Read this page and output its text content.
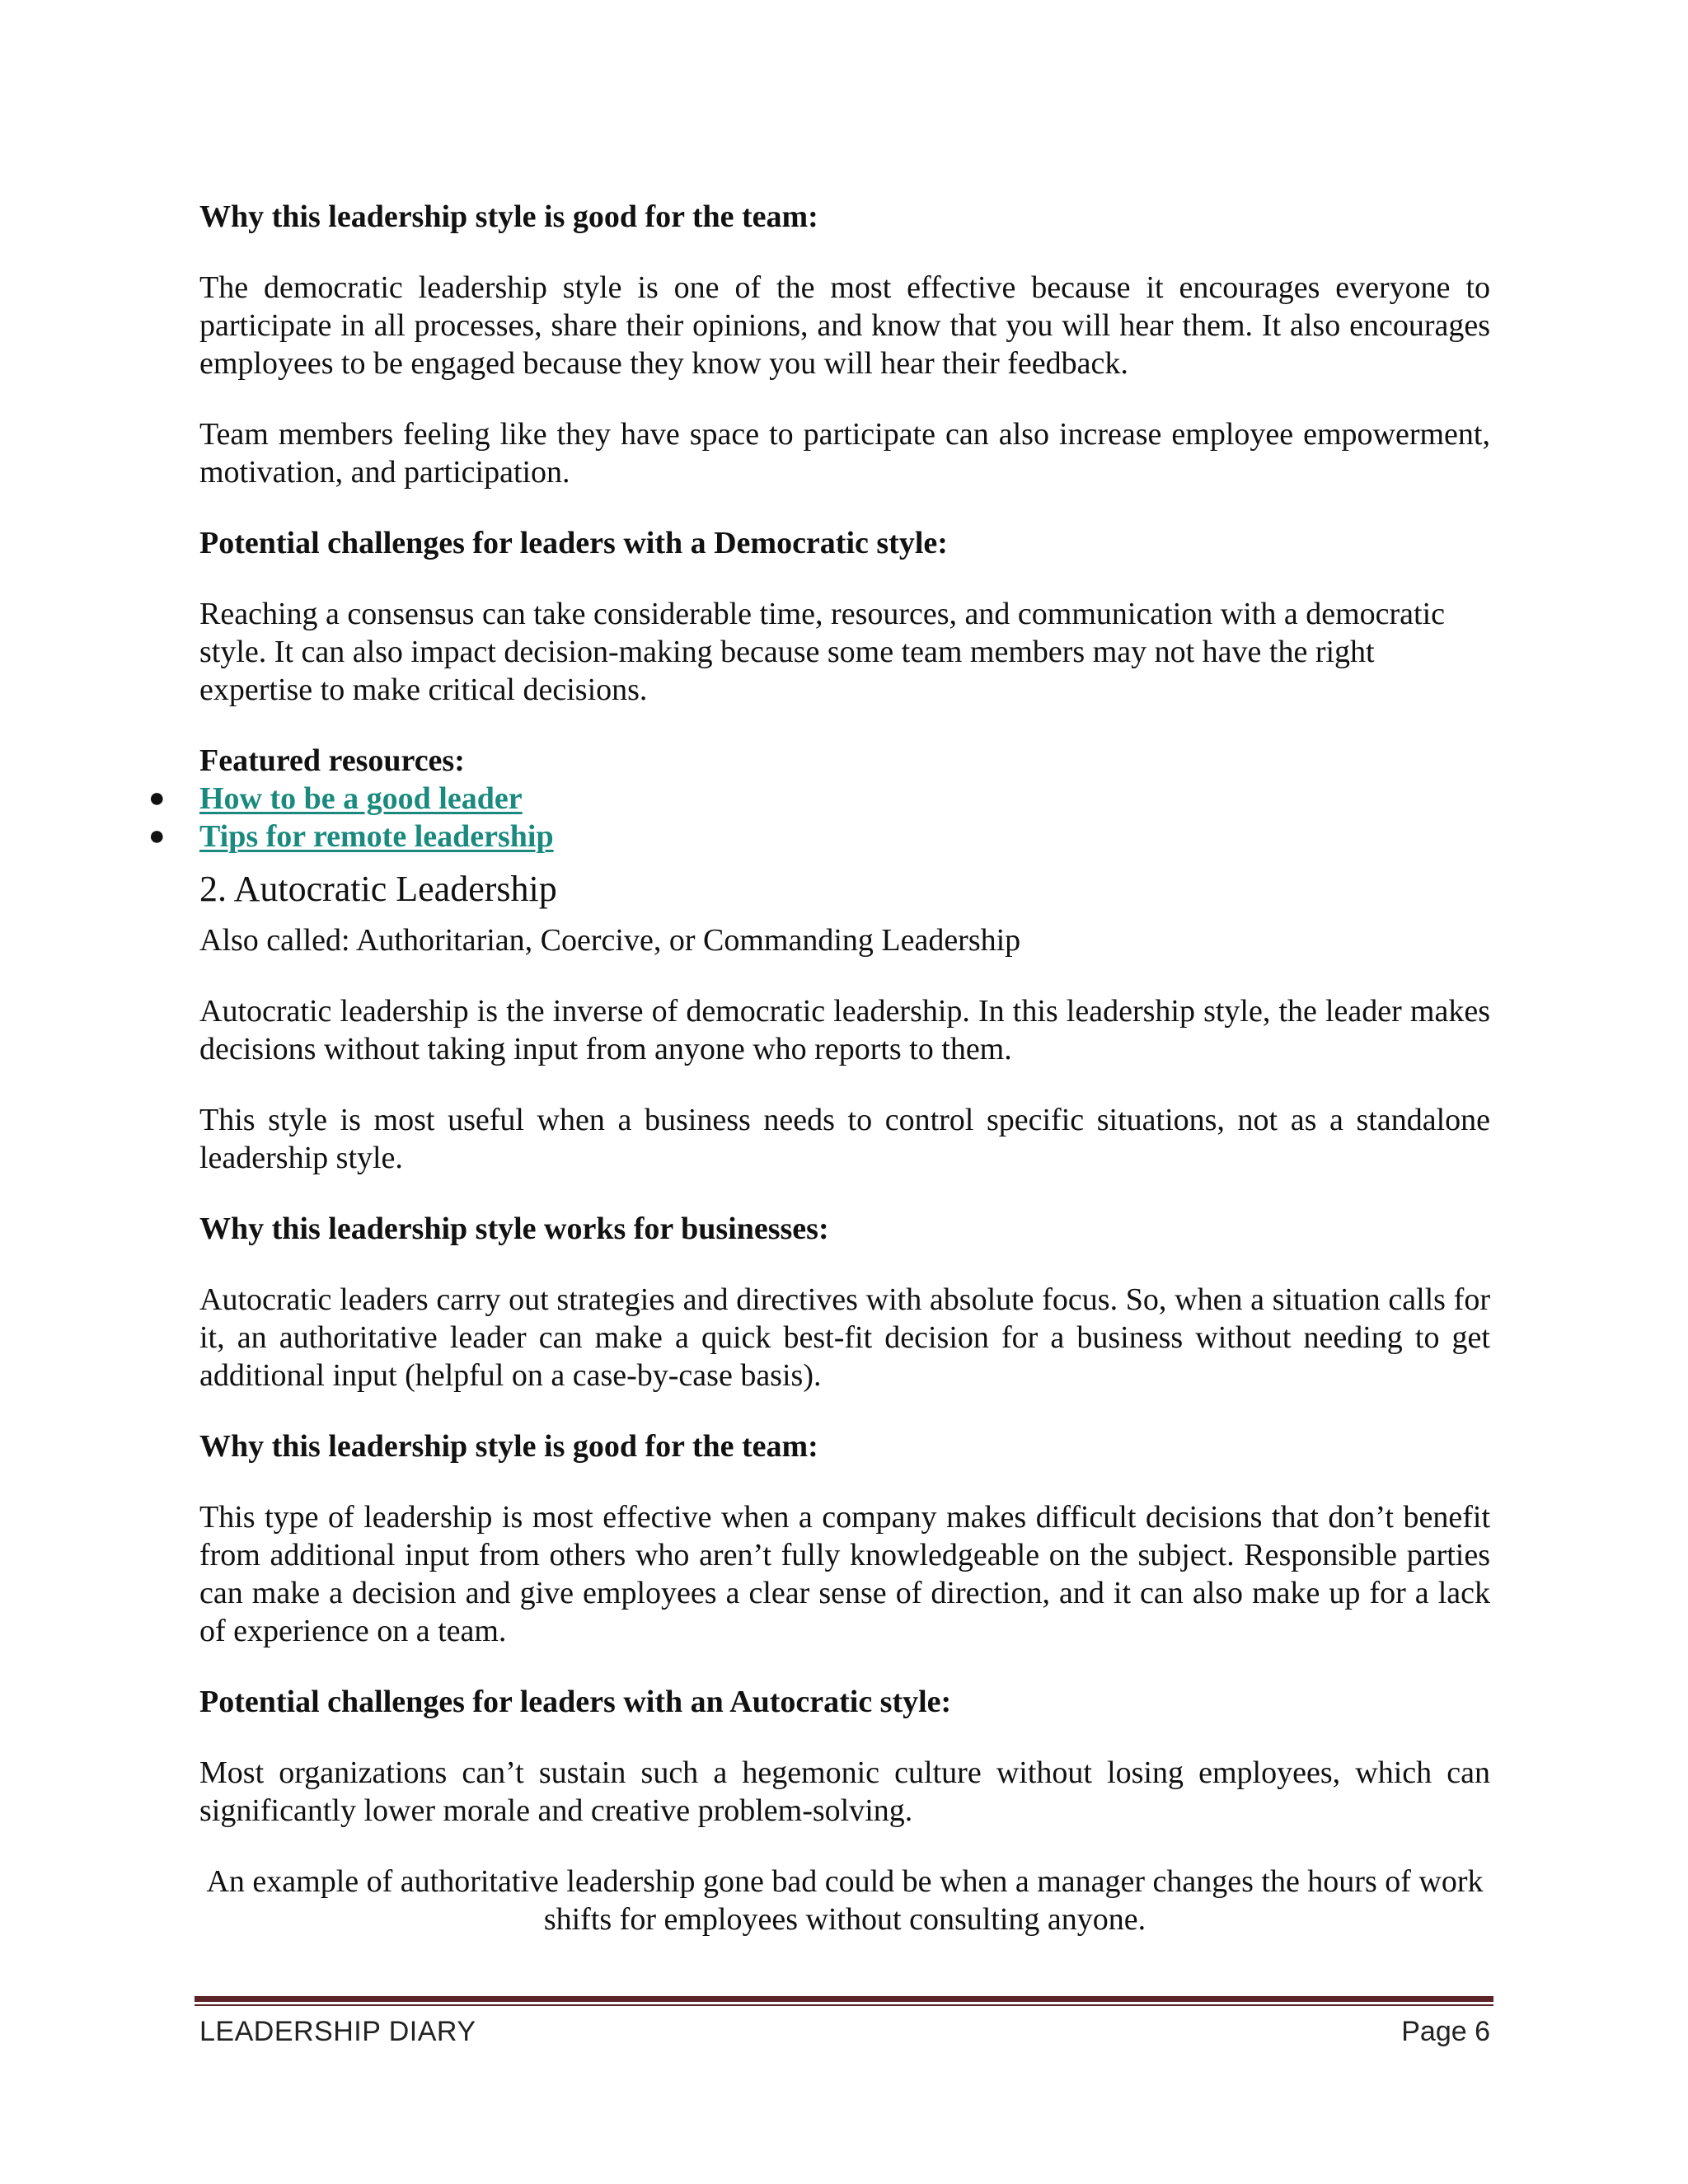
Why this leadership style is good for the team:

The democratic leadership style is one of the most effective because it encourages everyone to participate in all processes, share their opinions, and know that you will hear them. It also encourages employees to be engaged because they know you will hear their feedback.

Team members feeling like they have space to participate can also increase employee empowerment, motivation, and participation.

Potential challenges for leaders with a Democratic style:

Reaching a consensus can take considerable time, resources, and communication with a democratic style. It can also impact decision-making because some team members may not have the right expertise to make critical decisions.

Featured resources:

● How to be a good leader
● Tips for remote leadership
2. Autocratic Leadership

Also called: Authoritarian, Coercive, or Commanding Leadership

Autocratic leadership is the inverse of democratic leadership. In this leadership style, the leader makes decisions without taking input from anyone who reports to them.

This style is most useful when a business needs to control specific situations, not as a standalone leadership style.

Why this leadership style works for businesses:

Autocratic leaders carry out strategies and directives with absolute focus. So, when a situation calls for it, an authoritative leader can make a quick best-fit decision for a business without needing to get additional input (helpful on a case-by-case basis).

Why this leadership style is good for the team:

This type of leadership is most effective when a company makes difficult decisions that don’t benefit from additional input from others who aren’t fully knowledgeable on the subject. Responsible parties can make a decision and give employees a clear sense of direction, and it can also make up for a lack of experience on a team.

Potential challenges for leaders with an Autocratic style:

Most organizations can’t sustain such a hegemonic culture without losing employees, which can significantly lower morale and creative problem-solving.

An example of authoritative leadership gone bad could be when a manager changes the hours of work shifts for employees without consulting anyone.

LEADERSHIP DIARY	Page 6
